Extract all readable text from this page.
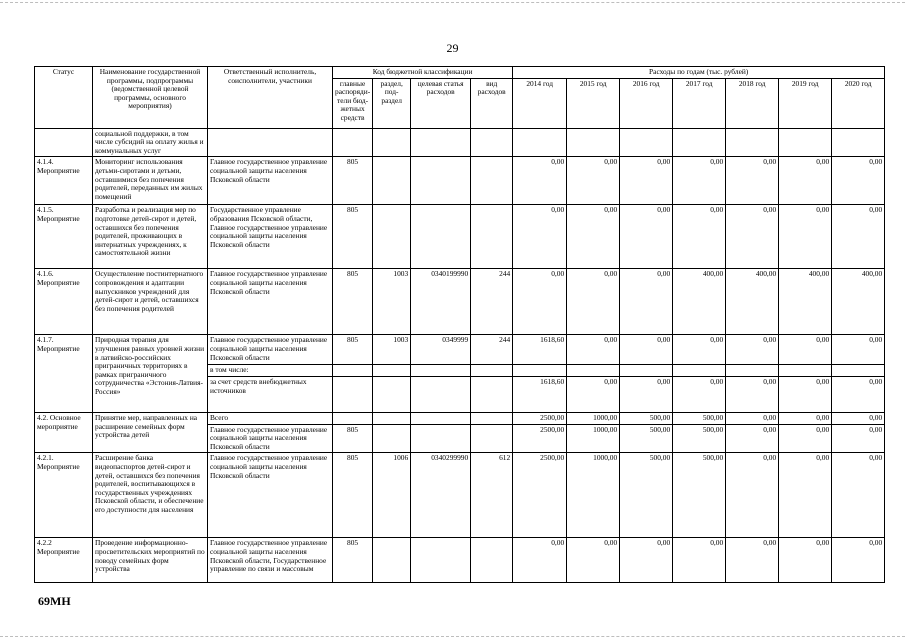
29
Статус	Наименование государственной программы, подпрограммы (ведомственной целевой программы, основного мероприятия)	Ответственный исполнитель, соисполнители, участники	Код бюджетной классификации				Расходы по годам (тыс. рублей)						
			главные распоряди-тели бюд-жетных средств	раздел, под-раздел	целевая статья расходов	вид расходов	2014 год	2015 год	2016 год	2017 год	2018 год	2019 год	2020 год
	социальной поддержки, в том числе субсидий на оплату жилья и коммунальных услуг												
4.1.4. Мероприятие	Мониторинг использования детьми-сиротами и детьми, оставшимися без попечения родителей, переданных им жилых помещений	Главное государственное управление социальной защиты населения Псковской области	805				0,00	0,00	0,00	0,00	0,00	0,00	0,00
4.1.5. Мероприятие	Разработка и реализация мер по подготовке детей-сирот и детей, оставшихся без попечения родителей, проживающих в интернатных учреждениях, к самостоятельной жизни	Государственное управление образования Псковской области, Главное государственное управление социальной защиты населения Псковской области	805				0,00	0,00	0,00	0,00	0,00	0,00	0,00
4.1.6. Мероприятие	Осуществление постинтернатного сопровождения и адаптации выпускников учреждений для детей-сирот и детей, оставшихся без попечения родителей	Главное государственное управление социальной защиты населения Псковской области	805	1003	0340199990	244	0,00	0,00	0,00	400,00	400,00	400,00	400,00
4.1.7. Мероприятие	Природная терапия для улучшения равных уровней жизни в латвийско-российских приграничных территориях в рамках приграничного сотрудничества «Эстония-Латвия-Россия»	Главное государственное управление социальной защиты населения Псковской области	805	1003	0349999	244	1618,60	0,00	0,00	0,00	0,00	0,00	0,00
		в том числе:											
		за счет средств внебюджетных источников					1618,60	0,00	0,00	0,00	0,00	0,00	0,00
4.2. Основное мероприятие	Принятие мер, направленных на расширение семейных форм устройства детей	Всего					2500,00	1000,00	500,00	500,00	0,00	0,00	0,00
		Главное государственное управление социальной защиты населения Псковской области	805				2500,00	1000,00	500,00	500,00	0,00	0,00	0,00
4.2.1. Мероприятие	Расширение банка видеопаспортов детей-сирот и детей, оставшихся без попечения родителей, воспитывающихся в государственных учреждениях Псковской области, и обеспечение его доступности для населения	Главное государственное управление социальной защиты населения Псковской области	805	1006	0340299990	612	2500,00	1000,00	500,00	500,00	0,00	0,00	0,00
4.2.2 Мероприятие	Проведение информационно-просветительских мероприятий по поводу семейных форм устройства	Главное государственное управление социальной защиты населения Псковской области, Государственное управление по связи и массовым	805				0,00	0,00	0,00	0,00	0,00	0,00	0,00
69МН
